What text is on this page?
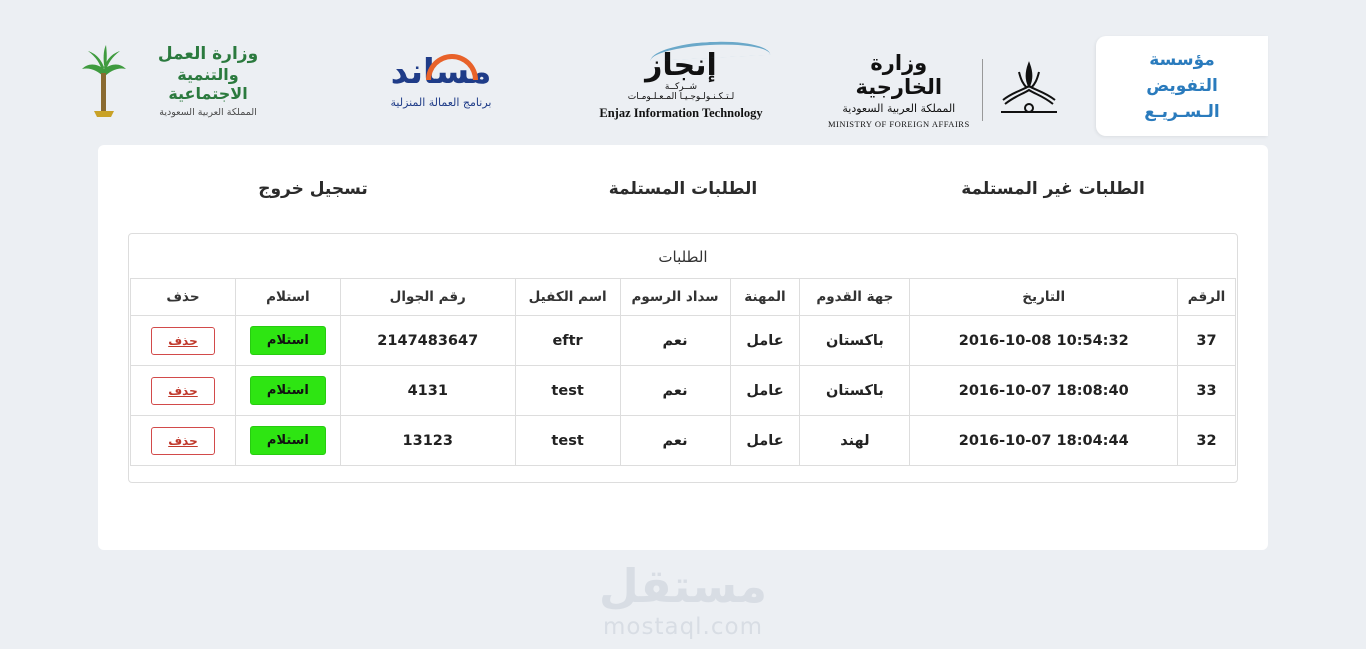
مؤسسة
التفويض
الـسـريـع
وزارة الخارجية
المملكة العربية السعودية
MINISTRY OF FOREIGN AFFAIRS
إنجاز
شــركــة
لـتـكـنـولـوجـيـا المـعـلـومـات
Enjaz Information Technology
مساند
برنامج العمالة المنزلية
وزارة العمل
والتنمية الاجتماعية
المملكة العربية السعودية
الطلبات غير المستلمة
الطلبات المستلمة
تسجيل خروج
الطلبات
الرقم	التاريخ	جهة القدوم	المهنة	سداد الرسوم	اسم الكفيل	رقم الجوال	استلام	حذف
37	2016-10-08 10:54:32	باكستان	عامل	نعم	eftr	2147483647	استلام	حذف
33	2016-10-07 18:08:40	باكستان	عامل	نعم	test	4131	استلام	حذف
32	2016-10-07 18:04:44	لهند	عامل	نعم	test	13123	استلام	حذف
مستقل
mostaql.com
